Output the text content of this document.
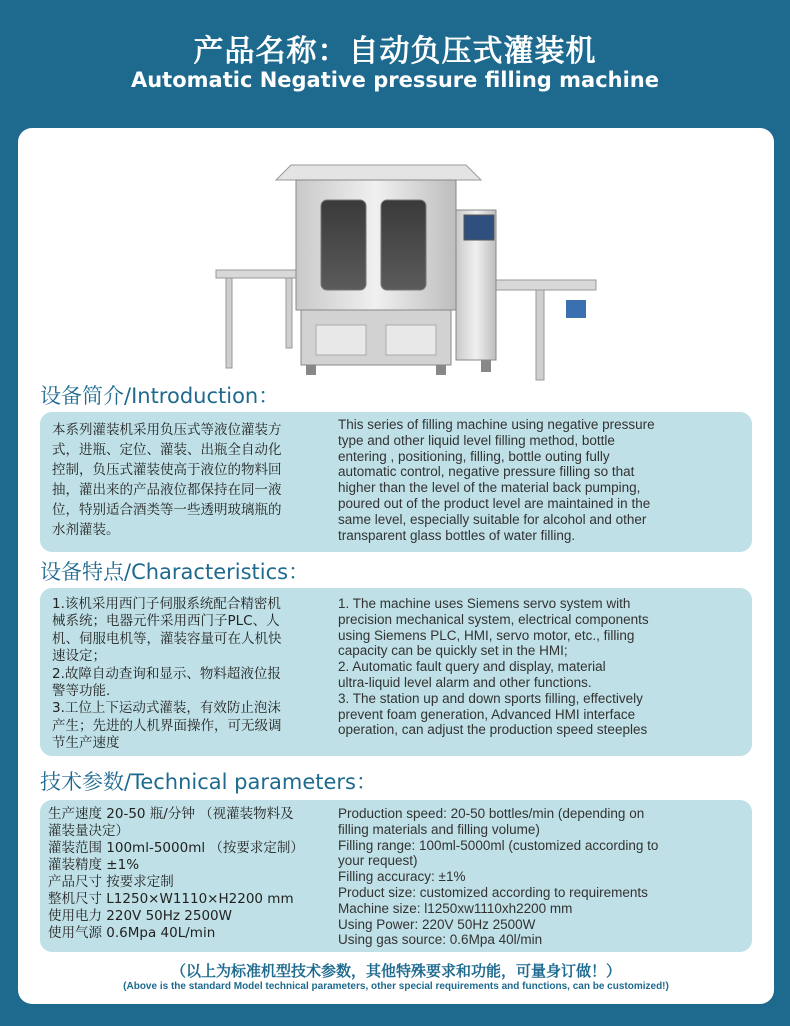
产品名称：自动负压式灌装机
Automatic Negative pressure filling machine
设备简介/Introduction：
本系列灌装机采用负压式等液位灌装方
式，进瓶、定位、灌装、出瓶全自动化
控制，负压式灌装使高于液位的物料回
抽，灌出来的产品液位都保持在同一液
位，特别适合酒类等一些透明玻璃瓶的
水剂灌装。
This series of filling machine using negative pressure
type and other liquid level filling method, bottle
entering , positioning, filling, bottle outing fully
automatic control, negative pressure filling so that
higher than the level of the material back pumping,
poured out of the product level are maintained in the
same level, especially suitable for alcohol and other
transparent glass bottles of water filling.
设备特点/Characteristics：
1.该机采用西门子伺服系统配合精密机
械系统；电器元件采用西门子PLC、人
机、伺服电机等，灌装容量可在人机快
速设定；
2.故障自动查询和显示、物料超液位报
警等功能.
3.工位上下运动式灌装，有效防止泡沫
产生；先进的人机界面操作，可无级调
节生产速度
1. The machine uses Siemens servo system with
precision mechanical system, electrical components
using Siemens PLC, HMI, servo motor, etc., filling
capacity can be quickly set in the HMI;
2. Automatic fault query and display, material
ultra-liquid level alarm and other functions.
3. The station up and down sports filling, effectively
prevent foam generation, Advanced HMI interface
operation, can adjust the production speed steeples
技术参数/Technical parameters：
生产速度 20-50 瓶/分钟 （视灌装物料及
灌装量决定）
灌装范围 100ml-5000ml （按要求定制）
灌装精度 ±1%
产品尺寸 按要求定制
整机尺寸 L1250×W1110×H2200 mm
使用电力 220V 50Hz 2500W
使用气源 0.6Mpa 40L/min
Production speed: 20-50 bottles/min (depending on
filling materials and filling volume)
Filling range: 100ml-5000ml (customized according to
your request)
Filling accuracy: ±1%
Product size: customized according to requirements
Machine size: l1250xw1110xh2200 mm
Using Power: 220V 50Hz 2500W
Using gas source: 0.6Mpa 40l/min
（以上为标准机型技术参数，其他特殊要求和功能，可量身订做！）
(Above is the standard Model technical parameters, other special requirements and functions, can be customized!)
